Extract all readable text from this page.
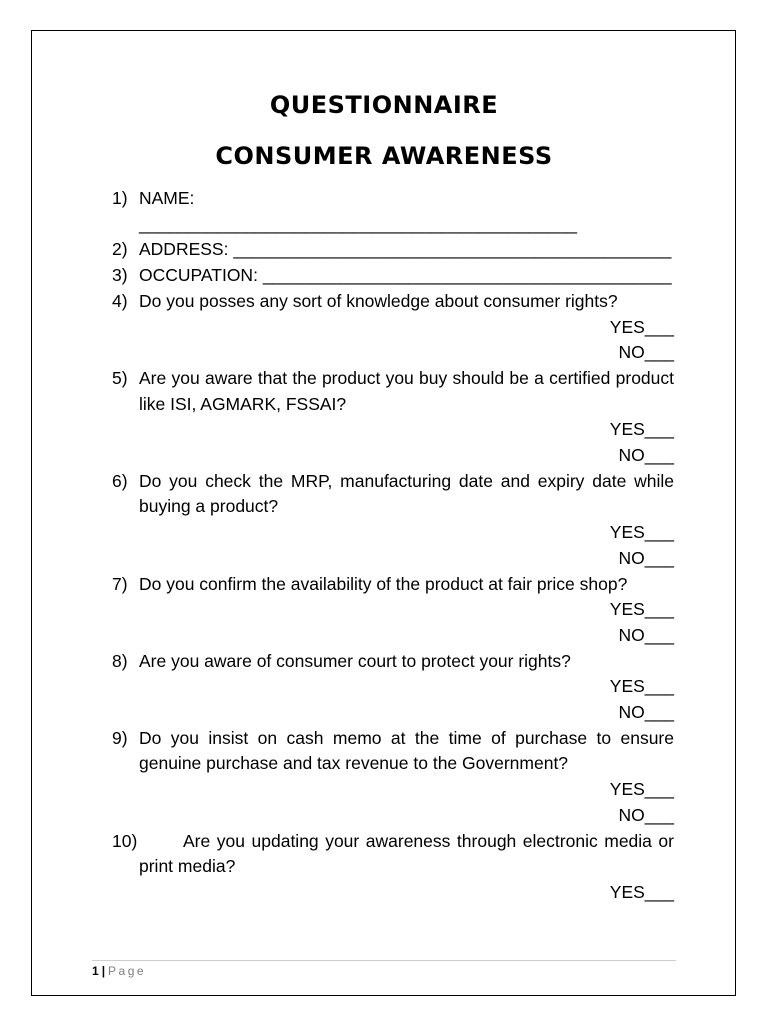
QUESTIONNAIRE
CONSUMER AWARENESS
1) NAME:
_____________________________________________
2) ADDRESS: _____________________________________________
3) OCCUPATION: __________________________________________
4) Do you posses any sort of knowledge about consumer rights?
YES___
NO___
5) Are you aware that the product you buy should be a certified product like ISI, AGMARK, FSSAI?
YES___
NO___
6) Do you check the MRP, manufacturing date and expiry date while buying a product?
YES___
NO___
7) Do you confirm the availability of the product at fair price shop?
YES___
NO___
8) Are you aware of consumer court to protect your rights?
YES___
NO___
9) Do you insist on cash memo at the time of purchase to ensure genuine purchase and tax revenue to the Government?
YES___
NO___
10)	Are you updating your awareness through electronic media or print media?
YES___
1 | Page
